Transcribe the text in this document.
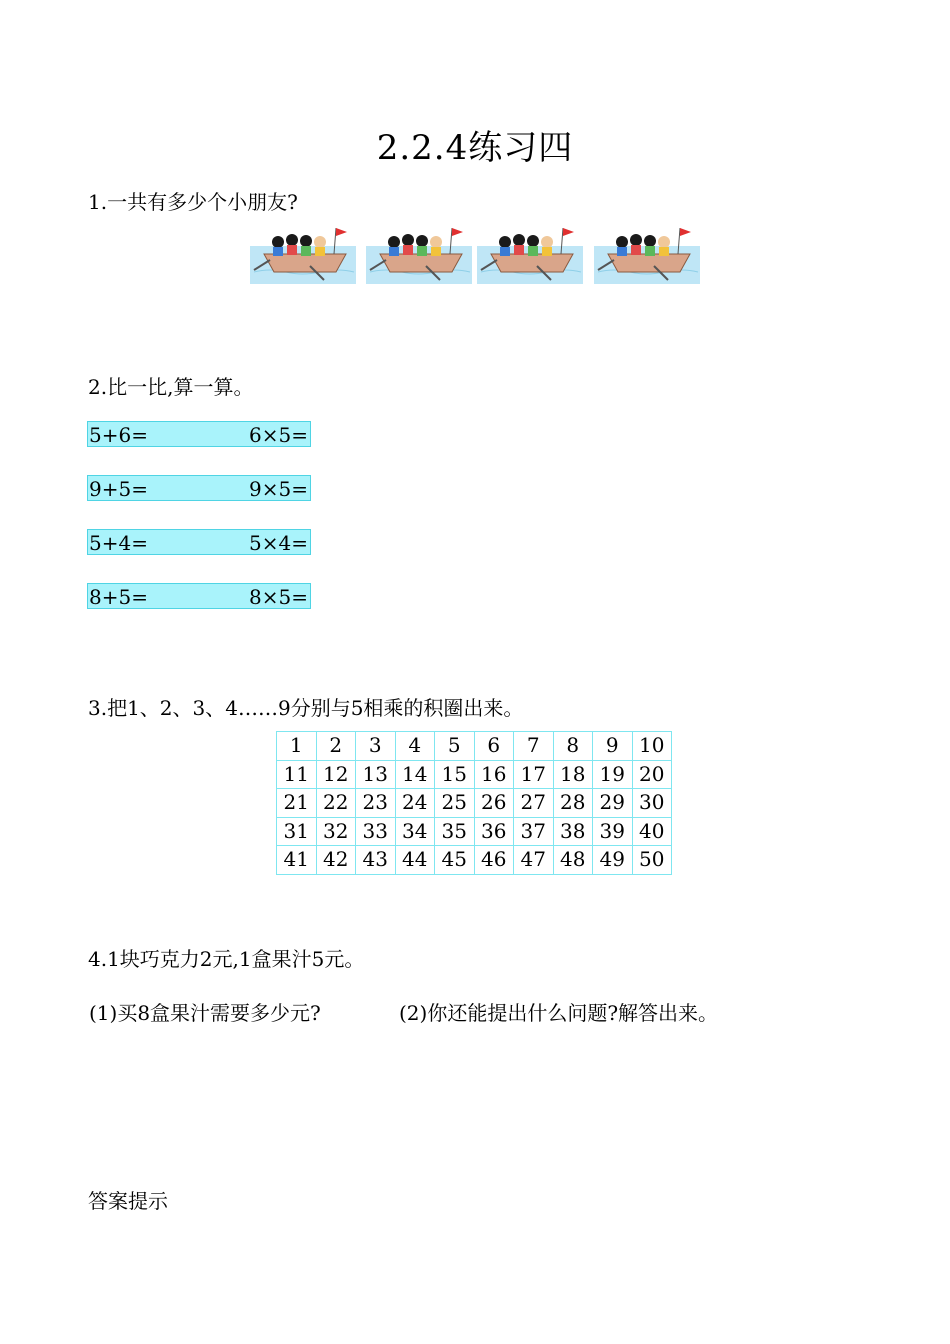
2.2.4练习四
1.一共有多少个小朋友?
2.比一比,算一算。
5+6=	6×5=
9+5=	9×5=
5+4=	5×4=
8+5=	8×5=
3.把1、2、3、4……9分别与5相乘的积圈出来。
1	2	3	4	5	6	7	8	9	10
11	12	13	14	15	16	17	18	19	20
21	22	23	24	25	26	27	28	29	30
31	32	33	34	35	36	37	38	39	40
41	42	43	44	45	46	47	48	49	50
4.1块巧克力2元,1盒果汁5元。
(1)买8盒果汁需要多少元?	(2)你还能提出什么问题?解答出来。
答案提示
